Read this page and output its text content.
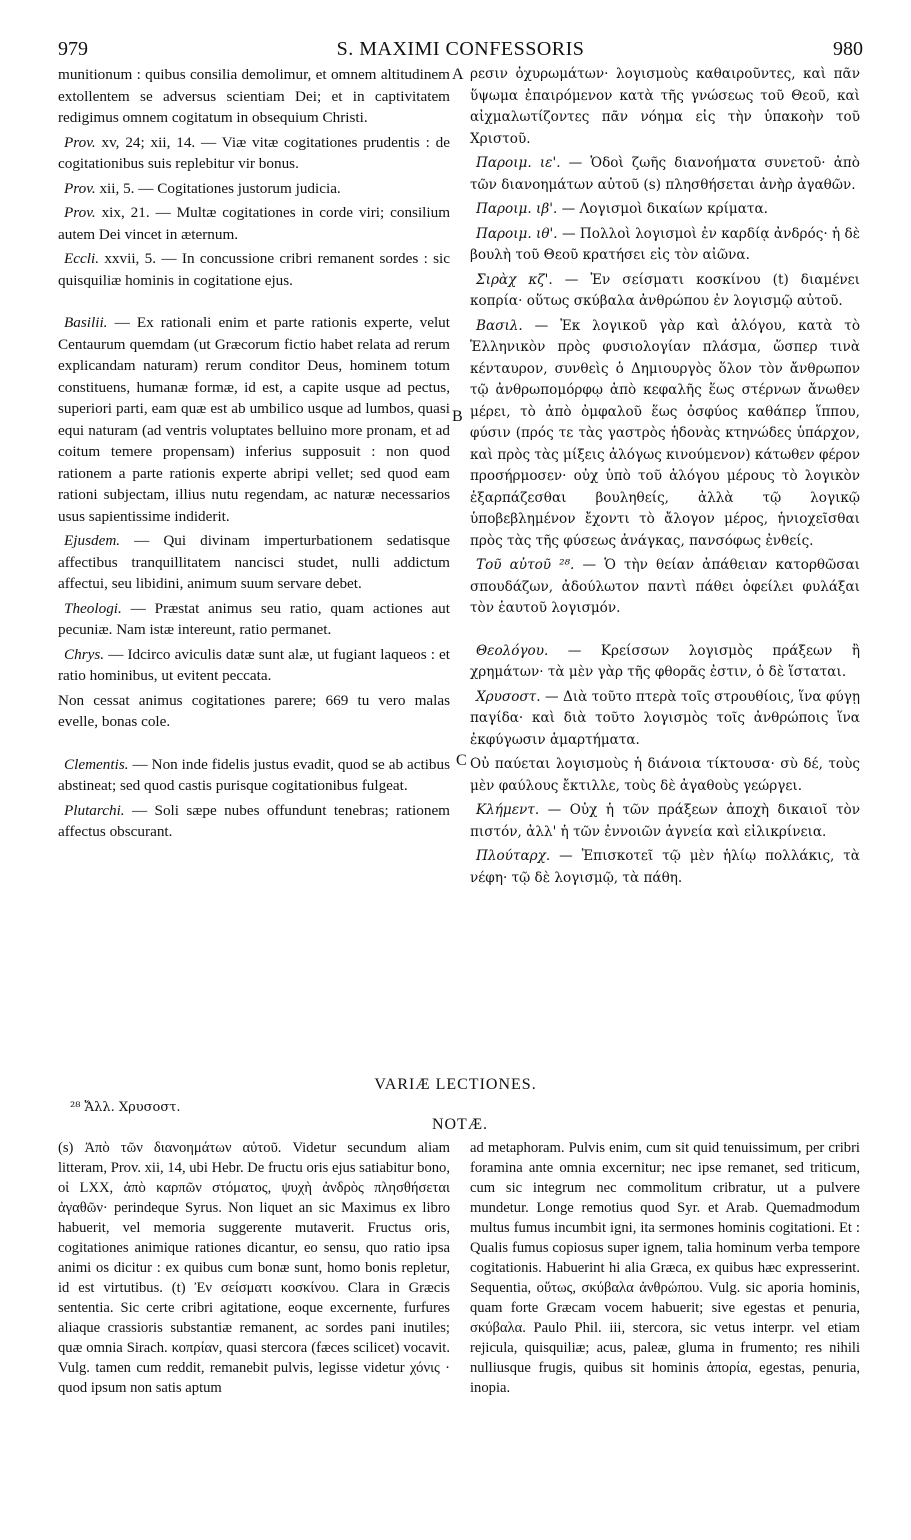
979	S. MAXIMI CONFESSORIS	980

munitionum : quibus consilia demolimur, et omnem altitudinem extollentem se adversus scientiam Dei; et in captivitatem redigimus omnem cogitatum in obsequium Christi.

Prov. xv, 24; xii, 14. — Viæ vitæ cogitationes prudentis : de cogitationibus suis replebitur vir bonus.

Prov. xii, 5. — Cogitationes justorum judicia.

Prov. xix, 21. — Multæ cogitationes in corde viri; consilium autem Dei vincet in æternum.

Eccli. xxvii, 5. — In concussione cribri remanent sordes : sic quisquiliæ hominis in cogitatione ejus.

Basilii. — Ex rationali enim et parte rationis experte, velut Centaurum quemdam (ut Græcorum fictio habet relata ad rerum explicandam naturam) rerum conditor Deus, hominem totum constituens, humanæ formæ, id est, a capite usque ad pectus, superiori parti, eam quæ est ab umbilico usque ad lumbos, quasi equi naturam (ad ventris voluptates belluino more pronam, et ad coitum temere propensam) inferius supposuit : non quod rationem a parte rationis experte abripi vellet; sed quod eam rationi subjectam, illius nutu regendam, ac naturæ necessarios usus sapientissime indiderit.

Ejusdem. — Qui divinam imperturbationem sedatisque affectibus tranquillitatem nancisci studet, nulli addictum affectui, seu libidini, animum suum servare debet.

Theologi. — Præstat animus seu ratio, quam actiones aut pecuniæ. Nam istæ intereunt, ratio permanet.

Chrys. — Idcirco aviculis datæ sunt alæ, ut fugiant laqueos : et ratio hominibus, ut evitent peccata.

Non cessat animus cogitationes parere; 669 tu vero malas evelle, bonas cole.

Clementis. — Non inde fidelis justus evadit, quod se ab actibus abstineat; sed quod castis purisque cogitationibus fulgeat.

Plutarchi. — Soli sæpe nubes offundunt tenebras; rationem affectus obscurant.

ρεσιν ὀχυρωμάτων· λογισμοὺς καθαιροῦντες, καὶ πᾶν ὕψωμα ἐπαιρόμενον κατὰ τῆς γνώσεως τοῦ Θεοῦ, καὶ αἰχμαλωτίζοντες πᾶν νόημα εἰς τὴν ὑπακοὴν τοῦ Χριστοῦ.

Παροιμ. ιε'. — Ὁδοὶ ζωῆς διανοήματα συνετοῦ· ἀπὸ τῶν διανοημάτων αὐτοῦ (s) πλησθήσεται ἀνὴρ ἀγαθῶν.

Παροιμ. ιβ'. — Λογισμοὶ δικαίων κρίματα.

Παροιμ. ιθ'. — Πολλοὶ λογισμοὶ ἐν καρδίᾳ ἀνδρός· ἡ δὲ βουλὴ τοῦ Θεοῦ κρατήσει εἰς τὸν αἰῶνα.

Σιρὰχ κζ'. — Ἐν σείσματι κοσκίνου (t) διαμένει κοπρία· οὕτως σκύβαλα ἀνθρώπου ἐν λογισμῷ αὐτοῦ.

Βασιλ. — Ἐκ λογικοῦ γὰρ καὶ ἀλόγου, κατὰ τὸ Ἑλληνικὸν πρὸς φυσιολογίαν πλάσμα, ὥσπερ τινὰ κένταυρον, συνθεὶς ὁ Δημιουργὸς ὅλον τὸν ἄνθρωπον τῷ ἀνθρωπομόρφῳ ἀπὸ κεφαλῆς ἕως στέρνων ἄνωθεν μέρει, τὸ ἀπὸ ὀμφαλοῦ ἕως ὀσφύος καθάπερ ἵππου, φύσιν (πρός τε τὰς γαστρὸς ἡδονὰς κτηνώδες ὑπάρχον, καὶ πρὸς τὰς μίξεις ἀλόγως κινούμενον) κάτωθεν φέρον προσήρμοσεν· οὐχ ὑπὸ τοῦ ἀλόγου μέρους τὸ λογικὸν ἐξαρπάζεσθαι βουληθείς, ἀλλὰ τῷ λογικῷ ὑποβεβλημένον ἔχοντι τὸ ἄλογον μέρος, ἡνιοχεῖσθαι πρὸς τὰς τῆς φύσεως ἀνάγκας, πανσόφως ἐνθείς.

Τοῦ αὐτοῦ ²⁸. — Ὁ τὴν θείαν ἀπάθειαν κατορθῶσαι σπουδάζων, ἀδούλωτον παντὶ πάθει ὀφείλει φυλάξαι τὸν ἑαυτοῦ λογισμόν.

Θεολόγου. — Κρείσσων λογισμὸς πράξεων ἢ χρημάτων· τὰ μὲν γὰρ τῆς φθορᾶς ἐστιν, ὁ δὲ ἵσταται.

Χρυσοστ. — Διὰ τοῦτο πτερὰ τοῖς στρουθίοις, ἵνα φύγῃ παγίδα· καὶ διὰ τοῦτο λογισμὸς τοῖς ἀνθρώποις ἵνα ἐκφύγωσιν ἁμαρτήματα.

Οὐ παύεται λογισμοὺς ἡ διάνοια τίκτουσα· σὺ δέ, τοὺς μὲν φαύλους ἔκτιλλε, τοὺς δὲ ἀγαθοὺς γεώργει.

Κλήμεντ. — Οὐχ ἡ τῶν πράξεων ἀποχὴ δικαιοῖ τὸν πιστόν, ἀλλ' ἡ τῶν ἐννοιῶν ἁγνεία καὶ εἰλικρίνεια.

Πλούταρχ. — Ἐπισκοτεῖ τῷ μὲν ἡλίῳ πολλάκις, τὰ νέφη· τῷ δὲ λογισμῷ, τὰ πάθη.

A
B
C
VARIÆ LECTIONES.
²⁸ Ἄλλ. Χρυσοστ.
NOTÆ.

(s) Ἀπὸ τῶν διανοημάτων αὐτοῦ. Videtur secundum aliam litteram, Prov. xii, 14, ubi Hebr. De fructu oris ejus satiabitur bono, οἱ LXX, ἀπὸ καρπῶν στόματος, ψυχὴ ἀνδρὸς πλησθήσεται ἀγαθῶν· perindeque Syrus. Non liquet an sic Maximus ex libro habuerit, vel memoria suggerente mutaverit. Fructus oris, cogitationes animique rationes dicantur, eo sensu, quo ratio ipsa animi os dicitur : ex quibus cum bonæ sunt, homo bonis repletur, id est virtutibus. (t) Ἐν σείσματι κοσκίνου. Clara in Græcis sententia. Sic certe cribri agitatione, eoque excernente, furfures aliaque crassioris substantiæ remanent, ac sordes pani inutiles; quæ omnia Sirach. κοπρίαν, quasi stercora (fæces scilicet) vocavit. Vulg. tamen cum reddit, remanebit pulvis, legisse videtur χόνις · quod ipsum non satis aptum

ad metaphoram. Pulvis enim, cum sit quid tenuissimum, per cribri foramina ante omnia excernitur; nec ipse remanet, sed triticum, cum sic integrum nec commolitum cribratur, ut a pulvere mundetur. Longe remotius quod Syr. et Arab. Quemadmodum multus fumus incumbit igni, ita sermones hominis cogitationi. Et : Qualis fumus copiosus super ignem, talia hominum verba tempore cogitationis. Habuerint hi alia Græca, ex quibus hæc expresserint. Sequentia, οὕτως, σκύβαλα ἀνθρώπου. Vulg. sic aporia hominis, quam forte Græcam vocem habuerit; sive egestas et penuria, σκύβαλα. Paulo Phil. iii, stercora, sic vetus interpr. vel etiam rejicula, quisquiliæ; acus, paleæ, gluma in frumento; res nihili nulliusque frugis, quibus sit hominis ἀπορία, egestas, penuria, inopia.
